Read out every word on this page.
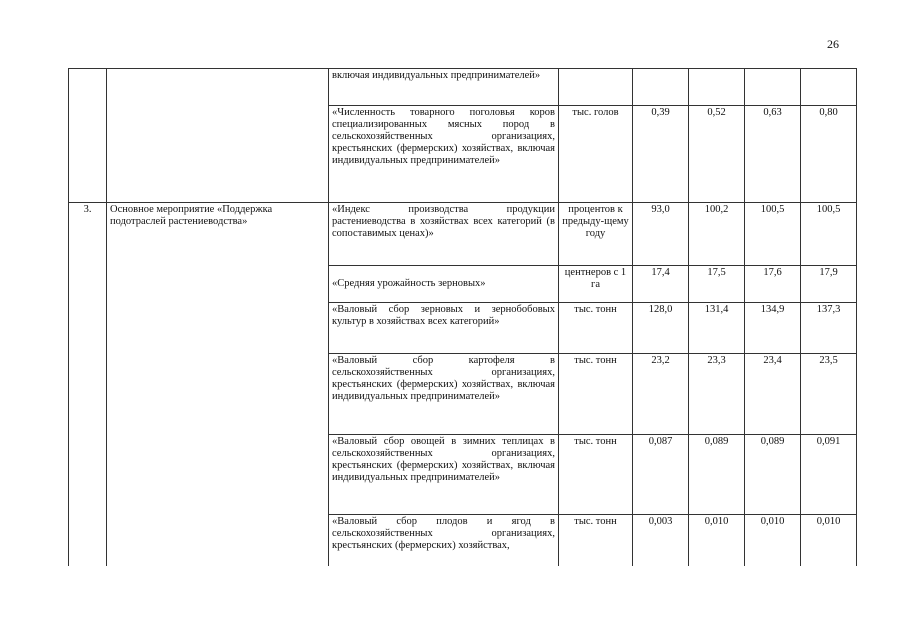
26
		включая индивидуальных предпринимателей»					
		«Численность товарного поголовья коров специализированных мясных пород в сельскохозяйственных организациях, крестьянских (фермерских) хозяйствах, включая индивидуальных предпринимателей»	тыс. голов	0,39	0,52	0,63	0,80
3.	Основное мероприятие «Поддержка подотраслей растениеводства»	«Индекс производства продукции растениеводства в хозяйствах всех категорий (в сопоставимых ценах)»	процентов к предыду-щему году	93,0	100,2	100,5	100,5
		«Средняя урожайность зерновых»	центнеров с 1 га	17,4	17,5	17,6	17,9
		«Валовый сбор зерновых и зернобобовых культур в хозяйствах всех категорий»	тыс. тонн	128,0	131,4	134,9	137,3
		«Валовый сбор картофеля в сельскохозяйственных организациях, крестьянских (фермерских) хозяйствах, включая индивидуальных предпринимателей»	тыс. тонн	23,2	23,3	23,4	23,5
		«Валовый сбор овощей в зимних теплицах в сельскохозяйственных организациях, крестьянских (фермерских) хозяйствах, включая индивидуальных предпринимателей»	тыс. тонн	0,087	0,089	0,089	0,091
		«Валовый сбор плодов и ягод в сельскохозяйственных организациях, крестьянских (фермерских) хозяйствах,	тыс. тонн	0,003	0,010	0,010	0,010
